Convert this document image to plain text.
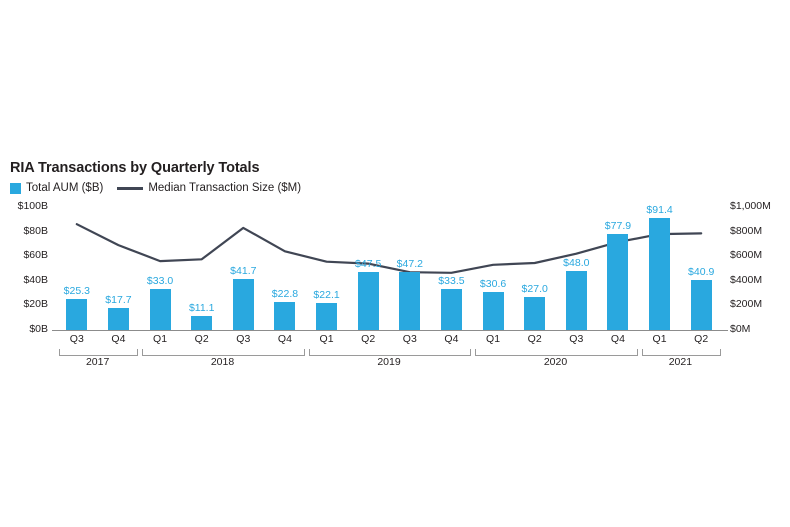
RIA Transactions by Quarterly Totals
Total AUM ($B)	Median Transaction Size ($M)
$0B
$20B
$40B
$60B
$80B
$100B
$0M
$200M
$400M
$600M
$800M
$1,000M
$25.3
$17.7
$33.0
$11.1
$41.7
$22.8	$22.1
$47.5	$47.2
$33.5	$30.6	$27.0
$48.0
$77.9
$91.4
$40.9
Q3	Q4	Q1	Q2	Q3	Q4	Q1	Q2	Q3	Q4	Q1	Q2	Q3	Q4	Q1	Q2
2017	2018	2019	2020	2021
